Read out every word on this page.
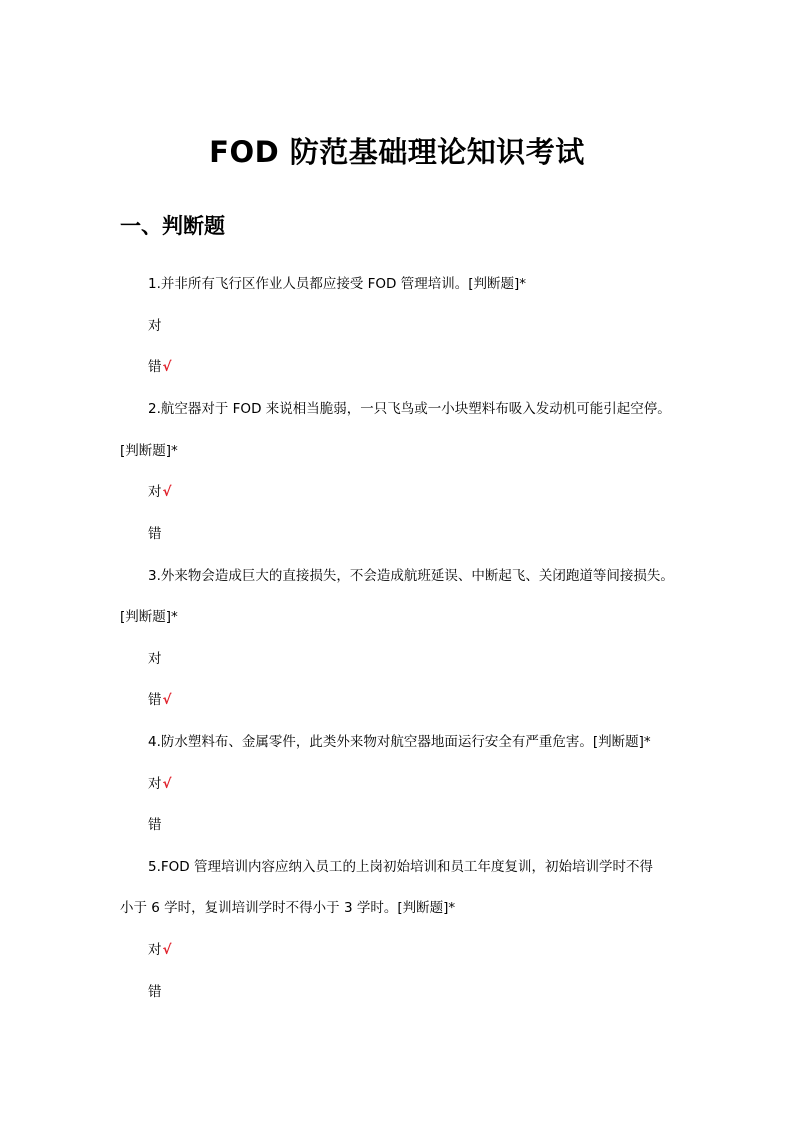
FOD 防范基础理论知识考试
一、判断题
1.并非所有飞行区作业人员都应接受 FOD 管理培训。[判断题]*
对
错√
2.航空器对于 FOD 来说相当脆弱，一只飞鸟或一小块塑料布吸入发动机可能引起空停。
[判断题]*
对√
错
3.外来物会造成巨大的直接损失，不会造成航班延误、中断起飞、关闭跑道等间接损失。
[判断题]*
对
错√
4.防水塑料布、金属零件，此类外来物对航空器地面运行安全有严重危害。[判断题]*
对√
错
5.FOD 管理培训内容应纳入员工的上岗初始培训和员工年度复训，初始培训学时不得
小于 6 学时，复训培训学时不得小于 3 学时。[判断题]*
对√
错
